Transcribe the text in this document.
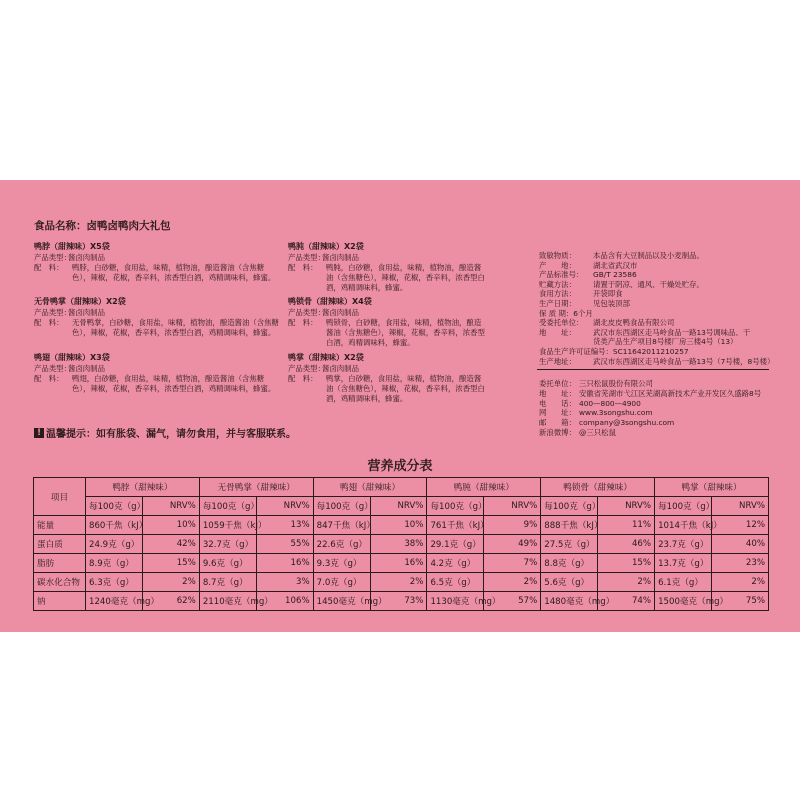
食品名称：卤鸭卤鸭肉大礼包
鸭脖（甜辣味）X5袋
产品类型：酱卤肉制品
配　料：	鸭脖，白砂糖，食用盐，味精，植物油，酿造酱油（含焦糖色），辣椒，花椒，香辛料，浓香型白酒，鸡精调味料，蜂蜜。
无骨鸭掌（甜辣味）X2袋
产品类型：酱卤肉制品
配　料：	无骨鸭掌，白砂糖，食用盐，味精，植物油，酿造酱油（含焦糖色），辣椒，花椒，香辛料，浓香型白酒，鸡精调味料，蜂蜜。
鸭翅（甜辣味）X3袋
产品类型：酱卤肉制品
配　料：	鸭翅，白砂糖，食用盐，味精，植物油，酿造酱油（含焦糖色），辣椒，花椒，香辛料，浓香型白酒，鸡精调味料，蜂蜜。
鸭肫（甜辣味）X2袋
产品类型：酱卤肉制品
配　料：	鸭肫，白砂糖，食用盐，味精，植物油，酿造酱油（含焦糖色），辣椒，花椒，香辛料，浓香型白酒，鸡精调味料，蜂蜜。
鸭锁骨（甜辣味）X4袋
产品类型：酱卤肉制品
配　料：	鸭锁骨，白砂糖，食用盐，味精，植物油，酿造酱油（含焦糖色），辣椒，花椒，香辛料，浓香型白酒，鸡精调味料，蜂蜜。
鸭掌（甜辣味）X2袋
产品类型：酱卤肉制品
配　料：	鸭掌，白砂糖，食用盐，味精，植物油，酿造酱油（含焦糖色），辣椒，花椒，香辛料，浓香型白酒，鸡精调味料，蜂蜜。
致敏物质： 本品含有大豆制品以及小麦制品。
产　　地： 湖北省武汉市
产品标准号： GB/T 23586
贮藏方法： 请置于阴凉、通风、干燥处贮存。
食用方法： 开袋即食
生产日期： 见包装顶部
保 质 期：6个月
受委托单位： 湖北皮皮鸭食品有限公司
地　　址： 武汉市东西湖区走马岭食品一路13号调味品、干
货类产品生产项目8号楼厂房三楼4号（13）
食品生产许可证编号：SC11642011210257
生产地址： 武汉市东西湖区走马岭食品一路13号（7号楼，8号楼）
委托单位： 三只松鼠股份有限公司
地　　址： 安徽省芜湖市弋江区芜湖高新技术产业开发区久盛路8号
电　　话： 400—800—4900
网　　址： www.3songshu.com
邮　　箱： company@3songshu.com
新浪微博： @三只松鼠
! 温馨提示：如有胀袋、漏气，请勿食用，并与客服联系。
营养成分表
项目	鸭脖（甜辣味）		无骨鸭掌（甜辣味）		鸭翅（甜辣味）		鸭肫（甜辣味）		鸭锁骨（甜辣味）		鸭掌（甜辣味）	
	每100克（g）	NRV%	每100克（g）	NRV%	每100克（g）	NRV%	每100克（g）	NRV%	每100克（g）	NRV%	每100克（g）	NRV%
能量	860千焦（kJ）	10%	1059千焦（kJ）	13%	847千焦（kJ）	10%	761千焦（kJ）	9%	888千焦（kJ）	11%	1014千焦（kJ）	12%
蛋白质	24.9克（g）	42%	32.7克（g）	55%	22.6克（g）	38%	29.1克（g）	49%	27.5克（g）	46%	23.7克（g）	40%
脂肪	8.9克（g）	15%	9.6克（g）	16%	9.3克（g）	16%	4.2克（g）	7%	8.8克（g）	15%	13.7克（g）	23%
碳水化合物	6.3克（g）	2%	8.7克（g）	3%	7.0克（g）	2%	6.5克（g）	2%	5.6克（g）	2%	6.1克（g）	2%
钠	1240毫克（mg）	62%	2110毫克（mg）	106%	1450毫克（mg）	73%	1130毫克（mg）	57%	1480毫克（mg）	74%	1500毫克（mg）	75%
